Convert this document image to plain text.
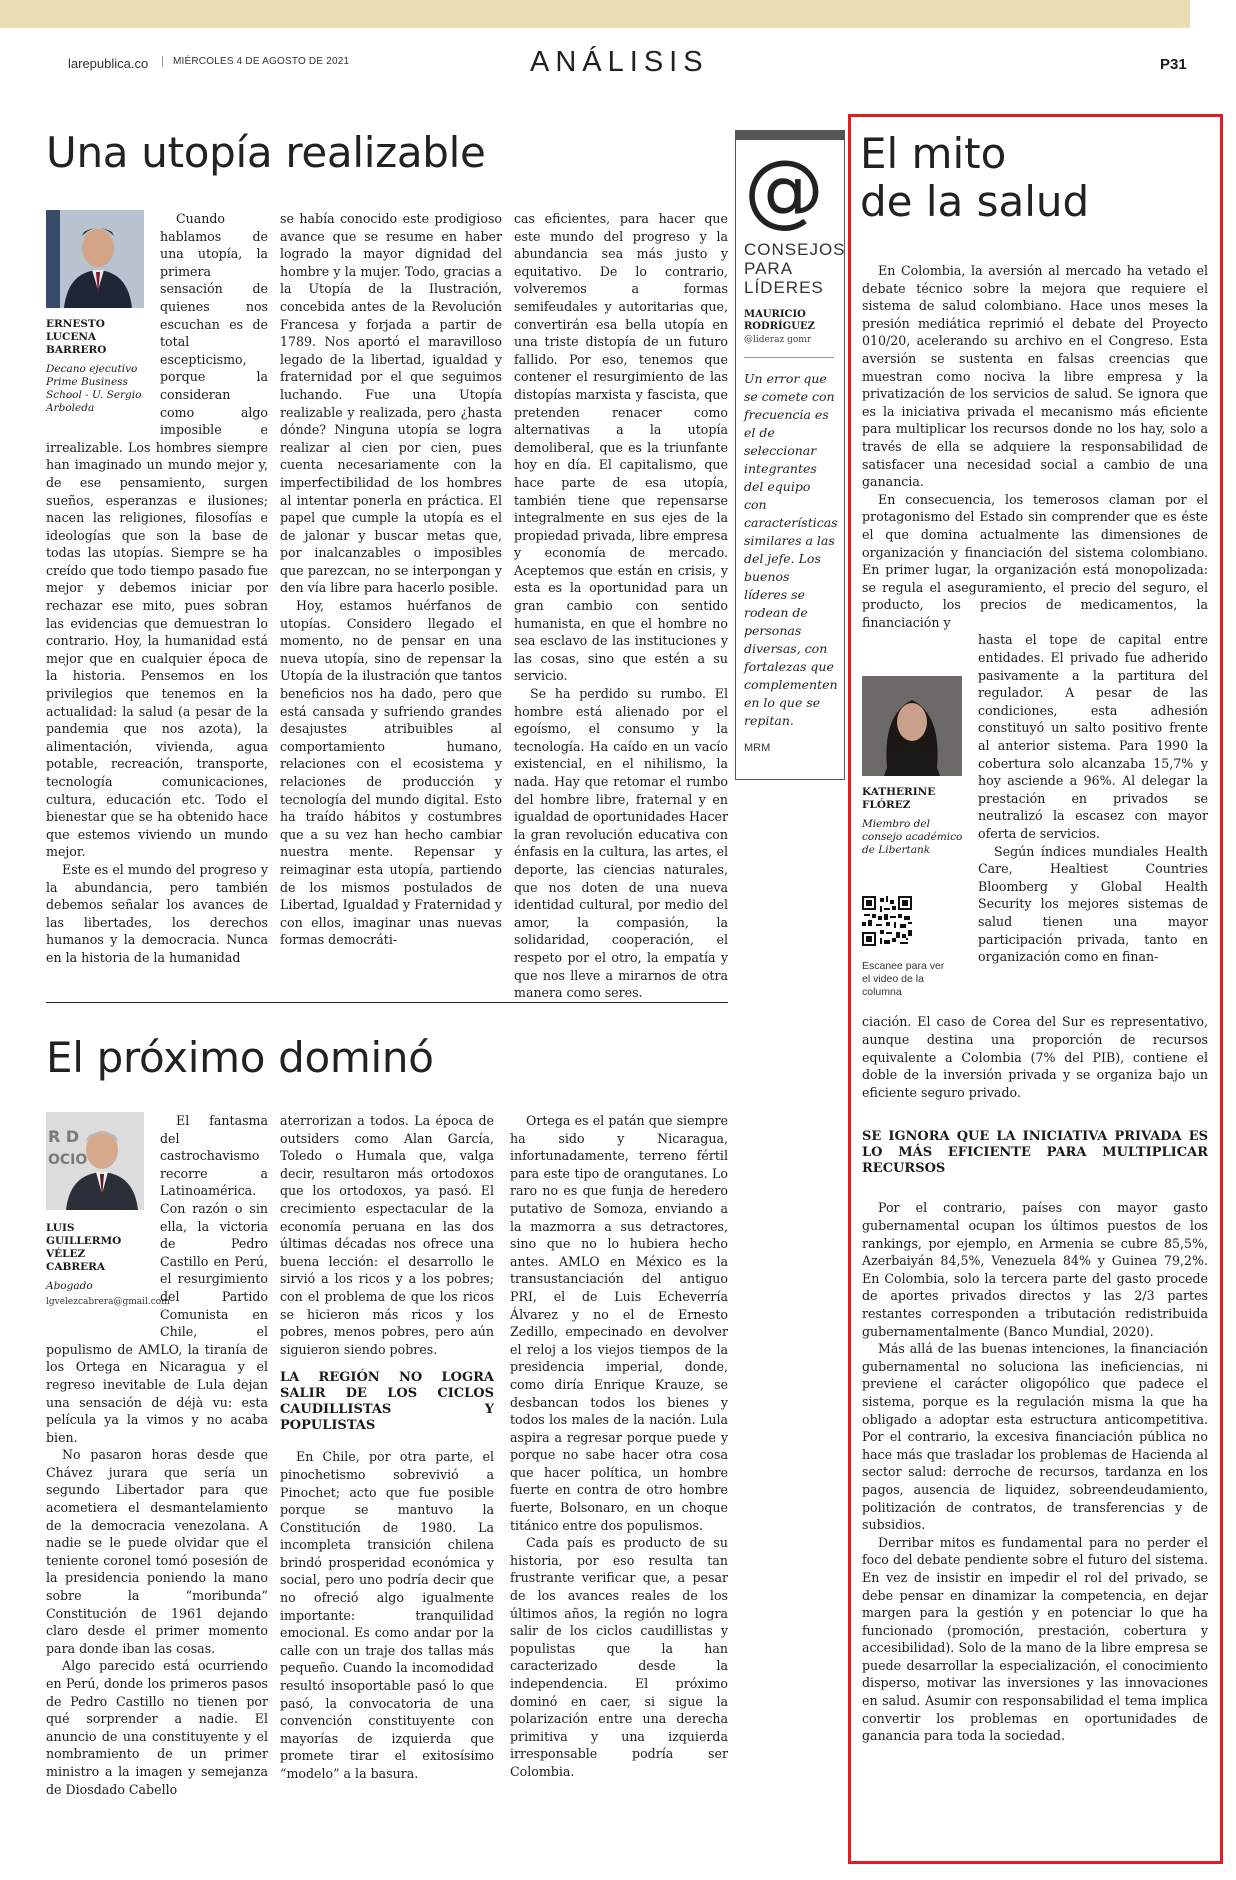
larepublica.co	MIÉRCOLES 4 DE AGOSTO DE 2021	ANÁLISIS	P31
Una utopía realizable
ERNESTO LUCENA BARRERO
Decano ejecutivo Prime Business School - U. Sergio Arboleda

Cuando hablamos de una utopía, la primera sensación de quienes nos escuchan es de total escepticismo, porque la consideran como algo imposible e irrealizable. Los hombres siempre han imaginado un mundo mejor y, de ese pensamiento, surgen sueños, esperanzas e ilusiones; nacen las religiones, filosofías e ideologías que son la base de todas las utopías. Siempre se ha creído que todo tiempo pasado fue mejor y debemos iniciar por rechazar ese mito, pues sobran las evidencias que demuestran lo contrario. Hoy, la humanidad está mejor que en cualquier época de la historia. Pensemos en los privilegios que tenemos en la actualidad: la salud (a pesar de la pandemia que nos azota), la alimentación, vivienda, agua potable, recreación, transporte, tecnología comunicaciones, cultura, educación etc. Todo el bienestar que se ha obtenido hace que estemos viviendo un mundo mejor.

Este es el mundo del progreso y la abundancia, pero también debemos señalar los avances de las libertades, los derechos humanos y la democracia. Nunca en la historia de la humanidad

se había conocido este prodigioso avance que se resume en haber logrado la mayor dignidad del hombre y la mujer. Todo, gracias a la Utopía de la Ilustración, concebida antes de la Revolución Francesa y forjada a partir de 1789. Nos aportó el maravilloso legado de la libertad, igualdad y fraternidad por el que seguimos luchando. Fue una Utopía realizable y realizada, pero ¿hasta dónde? Ninguna utopía se logra realizar al cien por cien, pues cuenta necesariamente con la imperfectibilidad de los hombres al intentar ponerla en práctica. El papel que cumple la utopía es el de jalonar y buscar metas que, por inalcanzables o imposibles que parezcan, no se interpongan y den vía libre para hacerlo posible.

Hoy, estamos huérfanos de utopías. Considero llegado el momento, no de pensar en una nueva utopía, sino de repensar la Utopía de la ilustración que tantos beneficios nos ha dado, pero que está cansada y sufriendo grandes desajustes atribuibles al comportamiento humano, relaciones con el ecosistema y relaciones de producción y tecnología del mundo digital. Esto ha traído hábitos y costumbres que a su vez han hecho cambiar nuestra mente. Repensar y reimaginar esta utopía, partiendo de los mismos postulados de Libertad, Igualdad y Fraternidad y con ellos, imaginar unas nuevas formas democráti-

cas eficientes, para hacer que este mundo del progreso y la abundancia sea más justo y equitativo. De lo contrario, volveremos a formas semifeudales y autoritarias que, convertirán esa bella utopía en una triste distopía de un futuro fallido. Por eso, tenemos que contener el resurgimiento de las distopías marxista y fascista, que pretenden renacer como alternativas a la utopía demoliberal, que es la triunfante hoy en día. El capitalismo, que hace parte de esa utopía, también tiene que repensarse integralmente en sus ejes de la propiedad privada, libre empresa y economía de mercado. Aceptemos que están en crisis, y esta es la oportunidad para un gran cambio con sentido humanista, en que el hombre no sea esclavo de las instituciones y las cosas, sino que estén a su servicio.

Se ha perdido su rumbo. El hombre está alienado por el egoísmo, el consumo y la tecnología. Ha caído en un vacío existencial, en el nihilismo, la nada. Hay que retomar el rumbo del hombre libre, fraternal y en igualdad de oportunidades Hacer la gran revolución educativa con énfasis en la cultura, las artes, el deporte, las ciencias naturales, que nos doten de una nueva identidad cultural, por medio del amor, la compasión, la solidaridad, cooperación, el respeto por el otro, la empatía y que nos lleve a mirarnos de otra manera como seres.

El próximo dominó
R D
OCIO
LUIS GUILLERMO VÉLEZ CABRERA
Abogado
lgvelezcabrera@gmail.com

El fantasma del castrochavismo recorre a Latinoamérica. Con razón o sin ella, la victoria de Pedro Castillo en Perú, el resurgimiento del Partido Comunista en Chile, el populismo de AMLO, la tiranía de los Ortega en Nicaragua y el regreso inevitable de Lula dejan una sensación de déjà vu: esta película ya la vimos y no acaba bien.

No pasaron horas desde que Chávez jurara que sería un segundo Libertador para que acometiera el desmantelamiento de la democracia venezolana. A nadie se le puede olvidar que el teniente coronel tomó posesión de la presidencia poniendo la mano sobre la “moribunda” Constitución de 1961 dejando claro desde el primer momento para donde iban las cosas.

Algo parecido está ocurriendo en Perú, donde los primeros pasos de Pedro Castillo no tienen por qué sorprender a nadie. El anuncio de una constituyente y el nombramiento de un primer ministro a la imagen y semejanza de Diosdado Cabello

aterrorizan a todos. La época de outsiders como Alan García, Toledo o Humala que, valga decir, resultaron más ortodoxos que los ortodoxos, ya pasó. El crecimiento espectacular de la economía peruana en las dos últimas décadas nos ofrece una buena lección: el desarrollo le sirvió a los ricos y a los pobres; con el problema de que los ricos se hicieron más ricos y los pobres, menos pobres, pero aún siguieron siendo pobres.

LA REGIÓN NO LOGRA SALIR DE LOS CICLOS CAUDILLISTAS Y POPULISTAS

En Chile, por otra parte, el pinochetismo sobrevivió a Pinochet; acto que fue posible porque se mantuvo la Constitución de 1980. La incompleta transición chilena brindó prosperidad económica y social, pero uno podría decir que no ofreció algo igualmente importante: tranquilidad emocional. Es como andar por la calle con un traje dos tallas más pequeño. Cuando la incomodidad resultó insoportable pasó lo que pasó, la convocatoria de una convención constituyente con mayorías de izquierda que promete tirar el exitosísimo “modelo” a la basura.

Ortega es el patán que siempre ha sido y Nicaragua, infortunadamente, terreno fértil para este tipo de orangutanes. Lo raro no es que funja de heredero putativo de Somoza, enviando a la mazmorra a sus detractores, sino que no lo hubiera hecho antes. AMLO en México es la transustanciación del antiguo PRI, el de Luis Echeverría Álvarez y no el de Ernesto Zedillo, empecinado en devolver el reloj a los viejos tiempos de la presidencia imperial, donde, como diría Enrique Krauze, se desbancan todos los bienes y todos los males de la nación. Lula aspira a regresar porque puede y porque no sabe hacer otra cosa que hacer política, un hombre fuerte en contra de otro hombre fuerte, Bolsonaro, en un choque titánico entre dos populismos.

Cada país es producto de su historia, por eso resulta tan frustrante verificar que, a pesar de los avances reales de los últimos años, la región no logra salir de los ciclos caudillistas y populistas que la han caracterizado desde la independencia. El próximo dominó en caer, si sigue la polarización entre una derecha primitiva y una izquierda irresponsable podría ser Colombia.

@
CONSEJOS PARA LÍDERES
MAURICIO RODRÍGUEZ
@lideraz gomr
Un error que se comete con frecuencia es el de seleccionar integrantes del equipo con características similares a las del jefe. Los buenos líderes se rodean de personas diversas, con fortalezas que complementen en lo que se repitan.
MRM
El mito
de la salud

En Colombia, la aversión al mercado ha vetado el debate técnico sobre la mejora que requiere el sistema de salud colombiano. Hace unos meses la presión mediática reprimió el debate del Proyecto 010/20, acelerando su archivo en el Congreso. Esta aversión se sustenta en falsas creencias que muestran como nociva la libre empresa y la privatización de los servicios de salud. Se ignora que es la iniciativa privada el mecanismo más eficiente para multiplicar los recursos donde no los hay, solo a través de ella se adquiere la responsabilidad de satisfacer una necesidad social a cambio de una ganancia.

En consecuencia, los temerosos claman por el protagonismo del Estado sin comprender que es éste el que domina actualmente las dimensiones de organización y financiación del sistema colombiano. En primer lugar, la organización está monopolizada: se regula el aseguramiento, el precio del seguro, el producto, los precios de medicamentos, la financiación y

hasta el tope de capital entre entidades. El privado fue adherido pasivamente a la partitura del regulador. A pesar de las condiciones, esta adhesión constituyó un salto positivo frente al anterior sistema. Para 1990 la cobertura solo alcanzaba 15,7% y hoy asciende a 96%. Al delegar la prestación en privados se neutralizó la escasez con mayor oferta de servicios.

Según índices mundiales Health Care, Healtiest Countries Bloomberg y Global Health Security los mejores sistemas de salud tienen una mayor participación privada, tanto en organización como en finan-

ciación. El caso de Corea del Sur es representativo, aunque destina una proporción de recursos equivalente a Colombia (7% del PIB), contiene el doble de la inversión privada y se organiza bajo un eficiente seguro privado.

SE IGNORA QUE LA INICIATIVA PRIVADA ES LO MÁS EFICIENTE PARA MULTIPLICAR RECURSOS

Por el contrario, países con mayor gasto gubernamental ocupan los últimos puestos de los rankings, por ejemplo, en Armenia se cubre 85,5%, Azerbaiyán 84,5%, Venezuela 84% y Guinea 79,2%. En Colombia, solo la tercera parte del gasto procede de aportes privados directos y las 2/3 partes restantes corresponden a tributación redistribuida gubernamentalmente (Banco Mundial, 2020).

Más allá de las buenas intenciones, la financiación gubernamental no soluciona las ineficiencias, ni previene el carácter oligopólico que padece el sistema, porque es la regulación misma la que ha obligado a adoptar esta estructura anticompetitiva. Por el contrario, la excesiva financiación pública no hace más que trasladar los problemas de Hacienda al sector salud: derroche de recursos, tardanza en los pagos, ausencia de liquidez, sobreendeudamiento, politización de contratos, de transferencias y de subsidios.

Derribar mitos es fundamental para no perder el foco del debate pendiente sobre el futuro del sistema. En vez de insistir en impedir el rol del privado, se debe pensar en dinamizar la competencia, en dejar margen para la gestión y en potenciar lo que ha funcionado (promoción, prestación, cobertura y accesibilidad). Solo de la mano de la libre empresa se puede desarrollar la especialización, el conocimiento disperso, motivar las inversiones y las innovaciones en salud. Asumir con responsabilidad el tema implica convertir los problemas en oportunidades de ganancia para toda la sociedad.

KATHERINE FLÓREZ
Miembro del consejo académico de Libertank
Escanee para ver el video de la columna
